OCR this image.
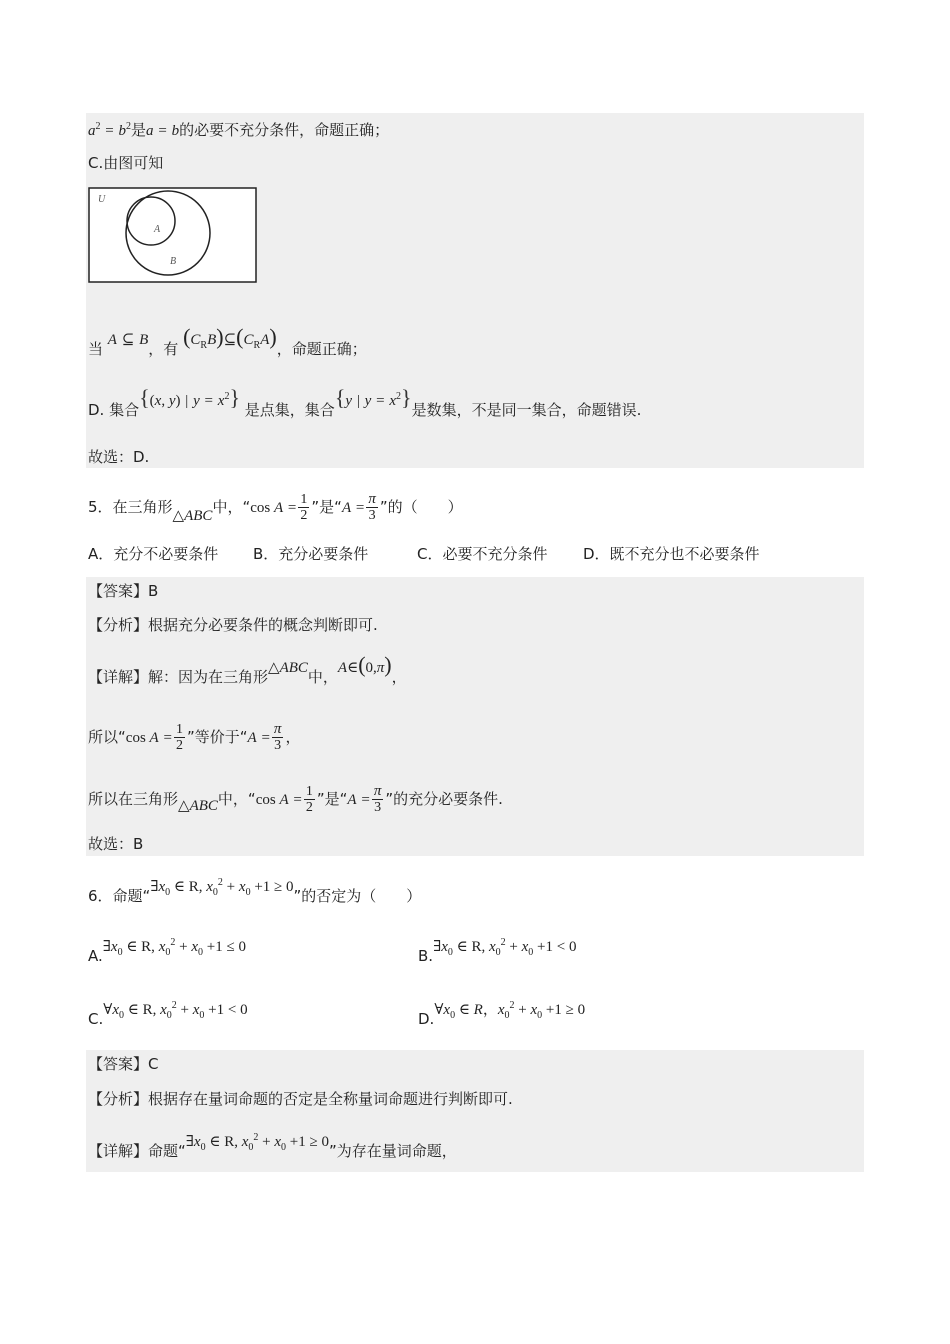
$a^2 = b^2$是a = b的必要不充分条件，命题正确；
C.由图可知
U
A
B
当 A ⊆ B，有 $(C_RB)⊆(C_RA)$，命题正确；
D. 集合{(x, y) | $y = x^2$} 是点集，集合{y | $y = x^2$}是数集，不是同一集合，命题错误.
故选：D.
5．在三角形△ABC中，“cos $A = \frac{1}{2}$ ”是“$A = \frac{\pi}{3}$ ”的（　　）
A．充分不必要条件 B．充分必要条件	C．必要不充分条件 D．既不充分也不必要条件
【答案】B
【分析】根据充分必要条件的概念判断即可.
【详解】解：因为在三角形△ABC中，A∈(0,π)，
所以“cos $A = \frac{1}{2}$ ”等价于“$A = \frac{\pi}{3}$ ，
所以在三角形△ABC中，“cos $A = \frac{1}{2}$ ”是“$A = \frac{\pi}{3}$ ”的充分必要条件.
故选：B
6．命题“$\exists x_0$ ∈ R, $x_0^2 + x_0 +1 \ge 0$”的否定为（　　）
$A.\exists x_0$ ∈ R, $x_0^2 + x_0 +1 \le 0$	$B.\exists x_0$ ∈ R, $x_0^2 + x_0 +1 < 0$
$C.\forall x_0$ ∈ R, $x_0^2 + x_0 +1 < 0$	$D.\forall x_0$ ∈ R，$x_0^2 + x_0 +1 \ge 0$
【答案】C
【分析】根据存在量词命题的否定是全称量词命题进行判断即可.
【详解】命题“$\exists x_0$ ∈ R, $x_0^2 + x_0 +1 \ge 0$”为存在量词命题，
